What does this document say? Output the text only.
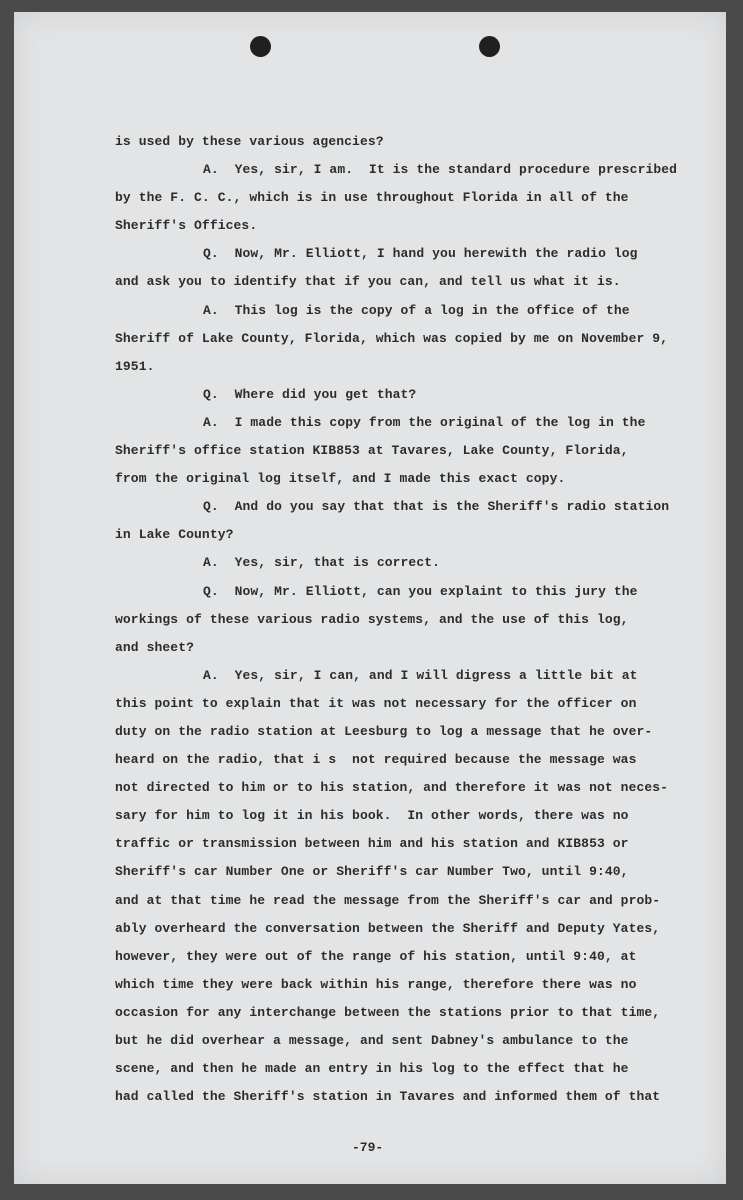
is used by these various agencies?
A.  Yes, sir, I am.  It is the standard procedure prescribed
by the F. C. C., which is in use throughout Florida in all of the
Sheriff's Offices.
Q.  Now, Mr. Elliott, I hand you herewith the radio log
and ask you to identify that if you can, and tell us what it is.
A.  This log is the copy of a log in the office of the
Sheriff of Lake County, Florida, which was copied by me on November 9,
1951.
Q.  Where did you get that?
A.  I made this copy from the original of the log in the
Sheriff's office station KIB853 at Tavares, Lake County, Florida,
from the original log itself, and I made this exact copy.
Q.  And do you say that that is the Sheriff's radio station
in Lake County?
A.  Yes, sir, that is correct.
Q.  Now, Mr. Elliott, can you explaint to this jury the
workings of these various radio systems, and the use of this log,
and sheet?
A.  Yes, sir, I can, and I will digress a little bit at
this point to explain that it was not necessary for the officer on
duty on the radio station at Leesburg to log a message that he over-
heard on the radio, that i s  not required because the message was
not directed to him or to his station, and therefore it was not neces-
sary for him to log it in his book.  In other words, there was no
traffic or transmission between him and his station and KIB853 or
Sheriff's car Number One or Sheriff's car Number Two, until 9:40,
and at that time he read the message from the Sheriff's car and prob-
ably overheard the conversation between the Sheriff and Deputy Yates,
however, they were out of the range of his station, until 9:40, at
which time they were back within his range, therefore there was no
occasion for any interchange between the stations prior to that time,
but he did overhear a message, and sent Dabney's ambulance to the
scene, and then he made an entry in his log to the effect that he
had called the Sheriff's station in Tavares and informed them of that
-79-
